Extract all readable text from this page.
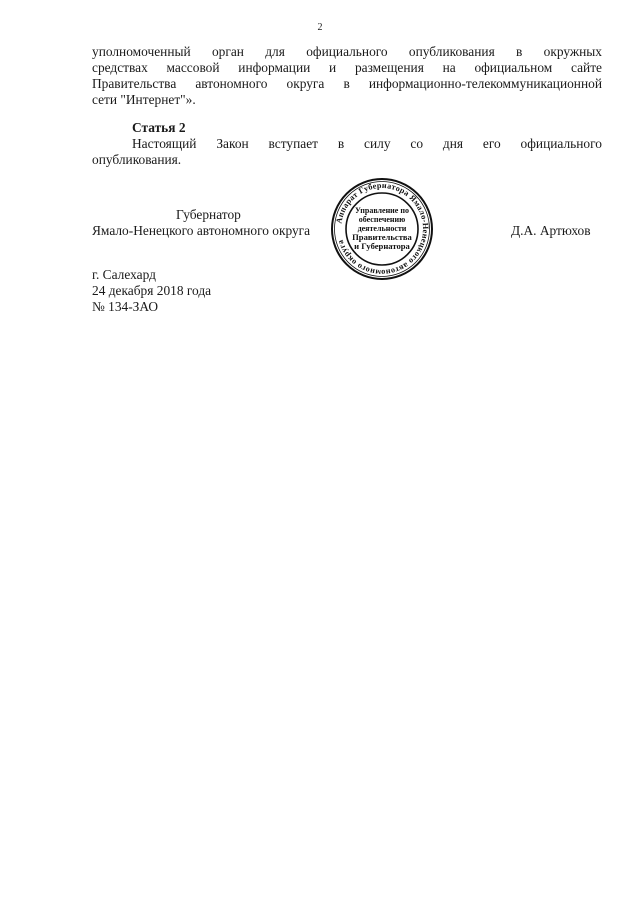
2
уполномоченный орган для официального опубликования в окружных
средствах массовой информации и размещения на официальном сайте
Правительства автономного округа в информационно-телекоммуникационной
сети "Интернет"».
Статья 2
Настоящий Закон вступает в силу со дня его официального
опубликования.
Губернатор
Ямало-Ненецкого автономного округа	Д.А. Артюхов
Аппарат Губернатора Ямало-Ненецкого автономного округа
Управление по
обеспечению
деятельности
Правительства
и Губернатора
г. Салехард
24 декабря 2018 года
№ 134-ЗАО
